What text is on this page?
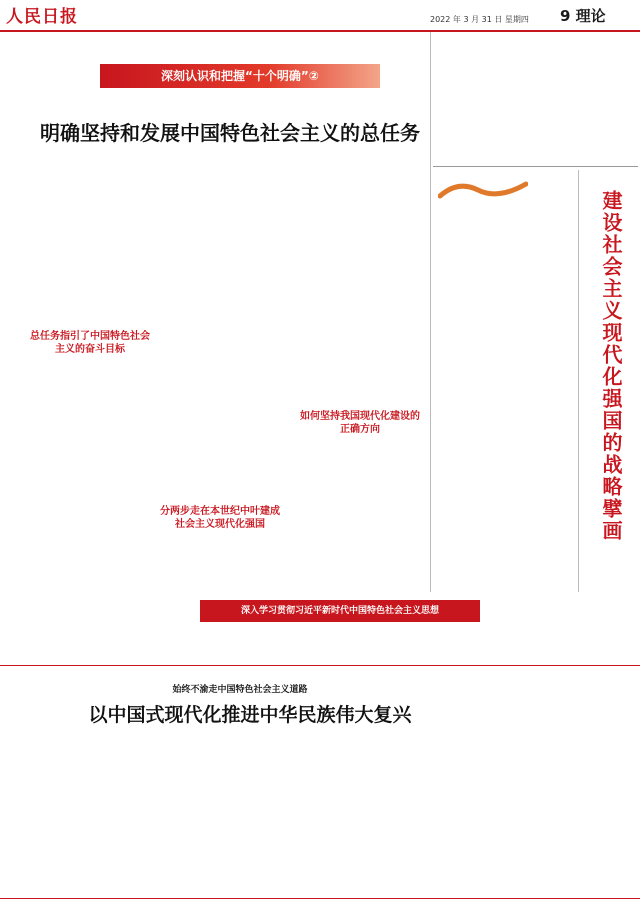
人民日报	2022 年 3 月 31 日 星期四	9 理论
深刻认识和把握“十个明确”②
明确坚持和发展中国特色社会主义的总任务
建设社会主义现代化强国的战略擘画
总任务指引了中国特色社会主义的奋斗目标
如何坚持我国现代化建设的正确方向
分两步走在本世纪中叶建成社会主义现代化强国
深入学习贯彻习近平新时代中国特色社会主义思想
始终不渝走中国特色社会主义道路
以中国式现代化推进中华民族伟大复兴
